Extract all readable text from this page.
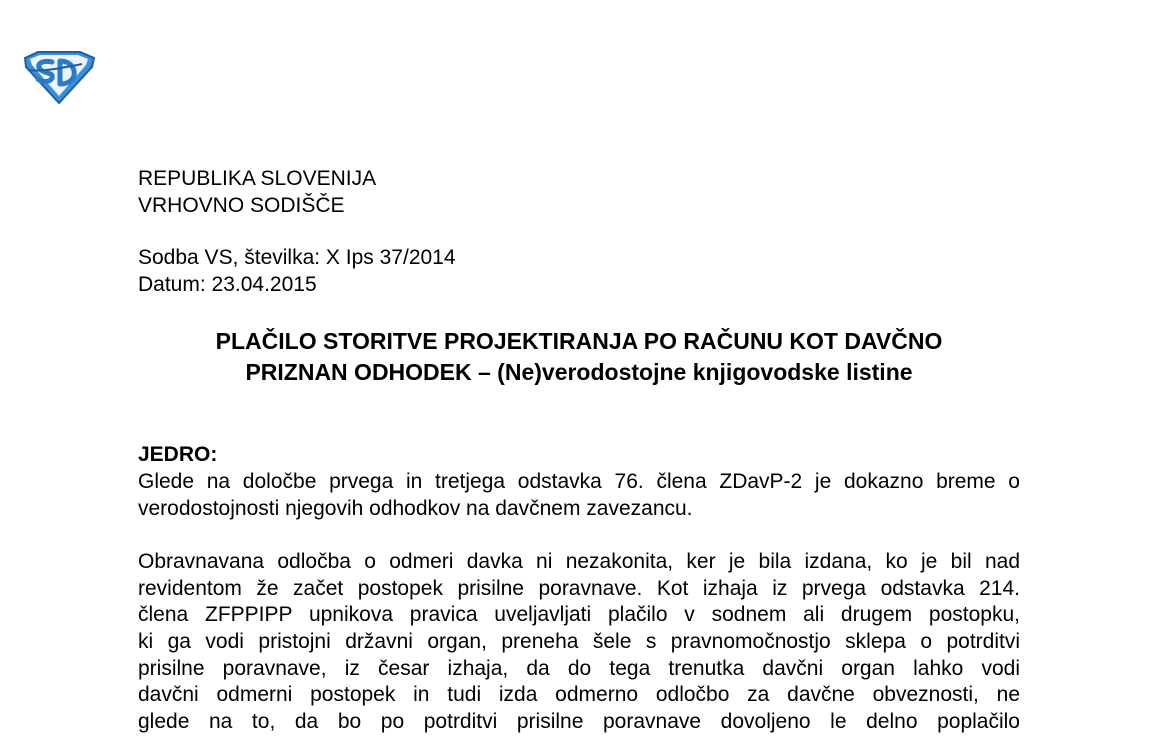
REPUBLIKA SLOVENIJA
VRHOVNO SODIŠČE
Sodba VS, številka: X Ips 37/2014
Datum: 23.04.2015
PLAČILO STORITVE PROJEKTIRANJA PO RAČUNU KOT DAVČNO
PRIZNAN ODHODEK – (Ne)verodostojne knjigovodske listine
JEDRO:
Glede na določbe prvega in tretjega odstavka 76. člena ZDavP-2 je dokazno breme o
verodostojnosti njegovih odhodkov na davčnem zavezancu.
Obravnavana odločba o odmeri davka ni nezakonita, ker je bila izdana, ko je bil nad
revidentom že začet postopek prisilne poravnave. Kot izhaja iz prvega odstavka 214.
člena ZFPPIPP upnikova pravica uveljavljati plačilo v sodnem ali drugem postopku,
ki ga vodi pristojni državni organ, preneha šele s pravnomočnostjo sklepa o potrditvi
prisilne poravnave, iz česar izhaja, da do tega trenutka davčni organ lahko vodi
davčni odmerni postopek in tudi izda odmerno odločbo za davčne obveznosti, ne
glede na to, da bo po potrditvi prisilne poravnave dovoljeno le delno poplačilo
